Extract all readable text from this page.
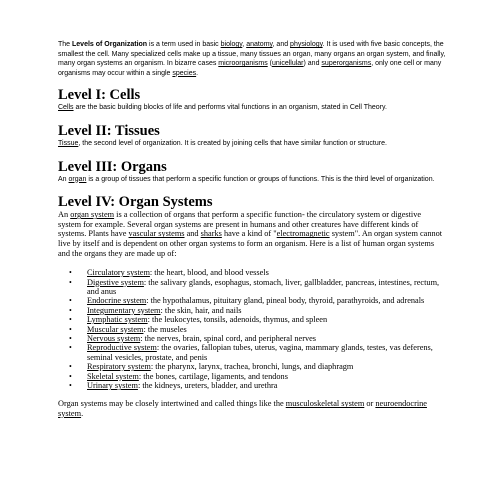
The Levels of Organization is a term used in basic biology, anatomy, and physiology. It is used with five basic concepts, the smallest the cell. Many specialized cells make up a tissue, many tissues an organ, many organs an organ system, and finally, many organ systems an organism. In bizarre cases microorganisms (unicellular) and superorganisms, only one cell or many organisms may occur within a single species.

Level I: Cells

Cells are the basic building blocks of life and performs vital functions in an organism, stated in Cell Theory.

Level II: Tissues

Tissue, the second level of organization. It is created by joining cells that have similar function or structure.

Level III: Organs

An organ is a group of tissues that perform a specific function or groups of functions. This is the third level of organization.

Level IV: Organ Systems

An organ system is a collection of organs that perform a specific function- the circulatory system or digestive system for example. Several organ systems are present in humans and other creatures have different kinds of systems. Plants have vascular systems and sharks have a kind of "electromagnetic system". An organ system cannot live by itself and is dependent on other organ systems to form an organism. Here is a list of human organ systems and the organs they are made up of:

• Circulatory system: the heart, blood, and blood vessels
• Digestive system: the salivary glands, esophagus, stomach, liver, gallbladder, pancreas, intestines, rectum, and anus
• Endocrine system: the hypothalamus, pituitary gland, pineal body, thyroid, parathyroids, and adrenals
• Integumentary system: the skin, hair, and nails
• Lymphatic system: the leukocytes, tonsils, adenoids, thymus, and spleen
• Muscular system: the museles
• Nervous system: the nerves, brain, spinal cord, and peripheral nerves
• Reproductive system: the ovaries, fallopian tubes, uterus, vagina, mammary glands, testes, vas deferens, seminal vesicles, prostate, and penis
• Respiratory system: the pharynx, larynx, trachea, bronchi, lungs, and diaphragm
• Skeletal system: the bones, cartilage, ligaments, and tendons
• Urinary system: the kidneys, ureters, bladder, and urethra

Organ systems may be closely intertwined and called things like the musculoskeletal system or neuroendocrine system.
